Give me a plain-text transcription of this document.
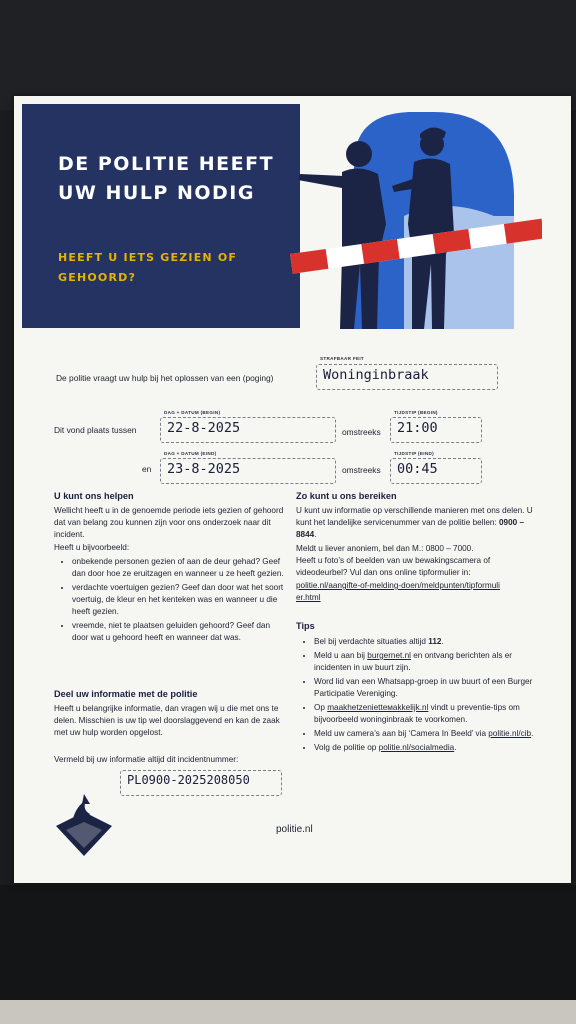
DE POLITIE HEEFT UW HULP NODIG
HEEFT U IETS GEZIEN OF GEHOORD?
De politie vraagt uw hulp bij het oplossen van een (poging)
STRAFBAAR FEIT
Woninginbraak
Dit vond plaats tussen
DAG + DATUM (BEGIN)
22-8-2025	omstreeks
TIJDSTIP (BEGIN)
21:00
en
DAG + DATUM (EIND)
23-8-2025	omstreeks
TIJDSTIP (EIND)
00:45
U kunt ons helpen

Wellicht heeft u in de genoemde periode iets gezien of gehoord dat van belang zou kunnen zijn voor ons onderzoek naar dit incident.

Heeft u bijvoorbeeld:

• onbekende personen gezien of aan de deur gehad? Geef dan door hoe ze eruitzagen en wanneer u ze heeft gezien.
• verdachte voertuigen gezien? Geef dan door wat het soort voertuig, de kleur en het kenteken was en wanneer u die heeft gezien.
• vreemde, niet te plaatsen geluiden gehoord? Geef dan door wat u gehoord heeft en wanneer dat was.
Deel uw informatie met de politie

Heeft u belangrijke informatie, dan vragen wij u die met ons te delen. Misschien is uw tip wel doorslaggevend en kan de zaak met uw hulp worden opgelost.

Vermeld bij uw informatie altijd dit incidentnummer:

PL0900-2025208050
Zo kunt u ons bereiken

U kunt uw informatie op verschillende manieren met ons delen. U kunt het landelijke servicenummer van de politie bellen: 0900 – 8844.

Meldt u liever anoniem, bel dan M.: 0800 – 7000.

Heeft u foto’s of beelden van uw bewakingscamera of videodeurbel? Vul dan ons online tipformulier in:

politie.nl/aangifte-of-melding-doen/meldpunten/tipformulier.html

Tips
• Bel bij verdachte situaties altijd 112.
• Meld u aan bij burgernet.nl en ontvang berichten als er incidenten in uw buurt zijn.
• Word lid van een Whatsapp-groep in uw buurt of een Burger Participatie Vereniging.
• Op maakhetzenietteмakkelijk.nl vindt u preventie-tips om bijvoorbeeld woninginbraak te voorkomen.
• Meld uw camera’s aan bij ‘Camera In Beeld’ via politie.nl/cib.
• Volg de politie op politie.nl/socialmedia.
politie.nl
